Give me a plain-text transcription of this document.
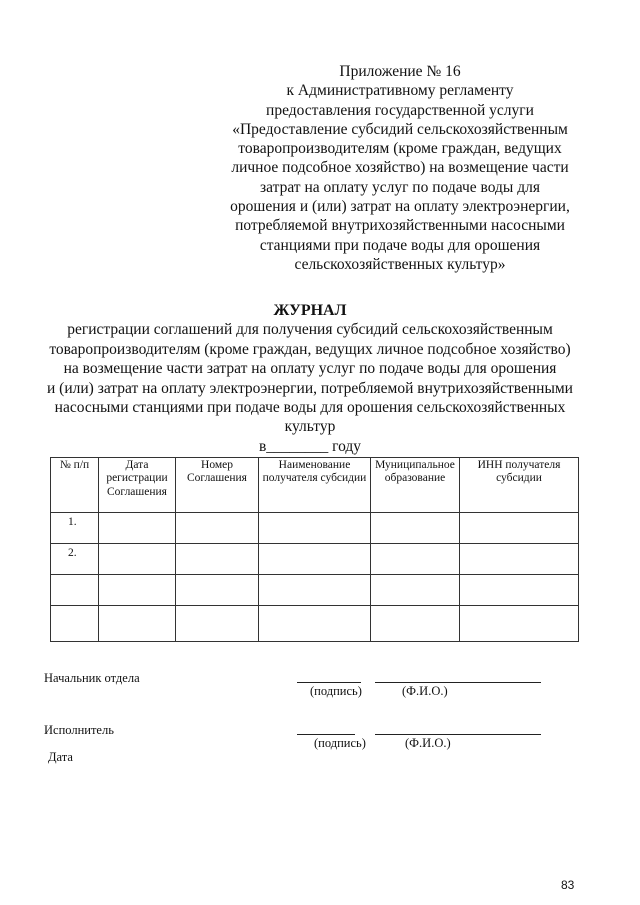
Приложение № 16
к Административному регламенту
предоставления государственной услуги
«Предоставление субсидий сельскохозяйственным
товаропроизводителям (кроме граждан, ведущих
личное подсобное хозяйство) на возмещение части
затрат на оплату услуг по подаче воды для
орошения и (или) затрат на оплату электроэнергии,
потребляемой внутрихозяйственными насосными
станциями при подаче воды для орошения
сельскохозяйственных культур»
ЖУРНАЛ
регистрации соглашений для получения субсидий сельскохозяйственным
товаропроизводителям (кроме граждан, ведущих личное подсобное хозяйство)
на возмещение части затрат на оплату услуг по подаче воды для орошения
и (или) затрат на оплату электроэнергии, потребляемой внутрихозяйственными
насосными станциями при подаче воды для орошения сельскохозяйственных
культур
в________ году
№ п/п	Дата регистрации Соглашения	Номер Соглашения	Наименование получателя субсидии	Муниципальное образование	ИНН получателя субсидии
1.					
2.					

Начальник отдела
(подпись)	(Ф.И.О.)
Исполнитель
(подпись)	(Ф.И.О.)
Дата
83
